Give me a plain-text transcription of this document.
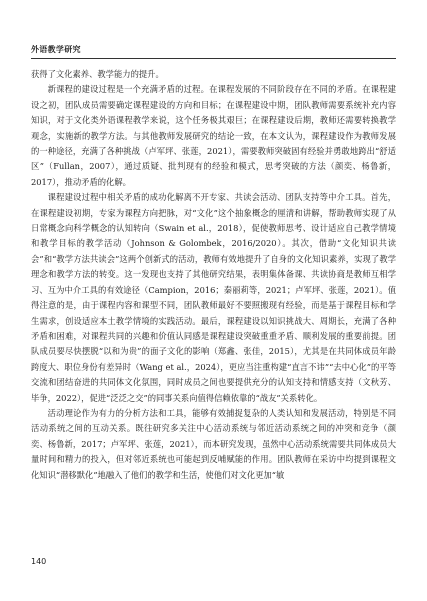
外语教学研究

获得了文化素养、教学能力的提升。

新课程的建设过程是一个充满矛盾的过程。在课程发展的不同阶段存在不同的矛盾。在课程建设之初，团队成员需要确定课程建设的方向和目标；在课程建设中期，团队教师需要系统补充内容知识，对于文化类外语课程教学来说，这个任务极其艰巨；在课程建设后期，教师还需要转换教学观念，实施新的教学方法。与其他教师发展研究的结论一致，在本文认为，课程建设作为教师发展的一种途径，充满了各种挑战（卢军坪、张莲，2021），需要教师突破固有经验并勇敢地跨出“舒适区”（Fullan，2007），通过质疑、批判现有的经验和模式，思考突破的方法（颜奕、杨鲁新，2017），推动矛盾的化解。

课程建设过程中相关矛盾的成功化解离不开专家、共读会活动、团队支持等中介工具。首先，在课程建设初期，专家为课程方向把脉，对“文化”这个抽象概念的厘清和讲解，帮助教师实现了从日常概念向科学概念的认知转向（Swain et al.，2018），促使教师思考、设计适应自己教学情境和教学目标的教学活动（Johnson & Golombek，2016/2020）。其次，借助“文化知识共读会”和“教学方法共读会”这两个创新式的活动，教师有效地提升了自身的文化知识素养，实现了教学理念和教学方法的转变。这一发现也支持了其他研究结果，表明集体备课、共读协商是教师互相学习、互为中介工具的有效途径（Campion，2016；秦丽莉等，2021；卢军坪、张莲，2021）。值得注意的是，由于课程内容和课型不同，团队教师最好不要照搬现有经验，而是基于课程目标和学生需求，创设适应本土教学情境的实践活动。最后，课程建设以知识挑战大、周期长，充满了各种矛盾和困难，对课程共同的兴趣和价值认同感是课程建设突破重重矛盾、顺利发展的重要前提。团队成员要尽快摆脱“以和为贵”的面子文化的影响（郑鑫、张佳，2015），尤其是在共同体成员年龄跨度大、职位身份有差异时（Wang et al.，2024），更应当注重构建“直言不讳”“去中心化”的平等交流和团结奋进的共同体文化氛围，同时成员之间也要提供充分的认知支持和情感支持（文秋芳、毕争，2022），促进“泛泛之交”的同事关系向值得信赖依靠的“战友”关系转化。

活动理论作为有力的分析方法和工具，能够有效捕捉复杂的人类认知和发展活动，特别是不同活动系统之间的互动关系。既往研究多关注中心活动系统与邻近活动系统之间的冲突和竞争（颜奕、杨鲁新，2017；卢军坪、张莲，2021），而本研究发现，虽然中心活动系统需要共同体成员大量时间和精力的投入，但对邻近系统也可能起到反哺赋能的作用。团队教师在采访中均提到课程文化知识“潜移默化”地融入了他们的教学和生活，使他们对文化更加“敏

140
